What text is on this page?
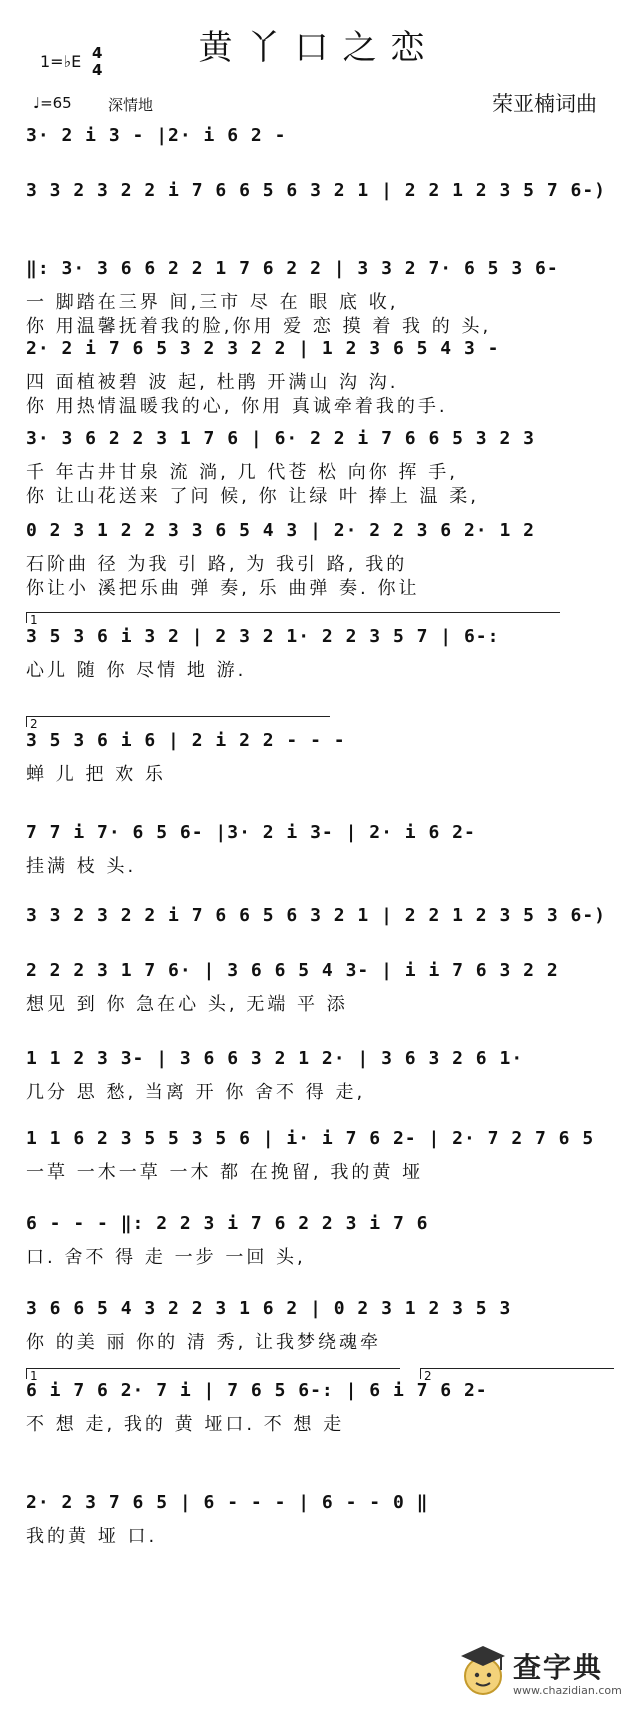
黄丫口之恋
1=♭E 4
4
♩=65 深情地	荣亚楠词曲
3· 2 i 3 - |2· i 6 2 -
3 3 2 3 2 2 i 7 6 6 5 6 3 2 1 | 2 2 1 2 3 5 7 6-)
‖: 3· 3 6 6 2 2 1 7 6 2 2 | 3 3 2 7· 6 5 3 6-
一 脚踏在三界 间,三市 尽 在 眼 底 收,
你 用温馨抚着我的脸,你用 爱 恋 摸 着 我 的 头,
2· 2 i 7 6 5 3 2 3 2 2 | 1 2 3 6 5 4 3 -
四 面植被碧 波 起, 杜鹃 开满山 沟 沟.
你 用热情温暖我的心, 你用 真诚牵着我的手.
3· 3 6 2 2 3 1 7 6 | 6· 2 2 i 7 6 6 5 3 2 3
千 年古井甘泉 流 淌, 几 代苍 松 向你 挥 手,
你 让山花送来 了问 候, 你 让绿 叶 捧上 温 柔,
0 2 3 1 2 2 3 3 6 5 4 3 | 2· 2 2 3 6 2· 1 2
石阶曲 径 为我 引 路, 为 我引 路, 我的
你让小 溪把乐曲 弹 奏, 乐 曲弹 奏. 你让
3 5 3 6 i 3 2 | 2 3 2 1· 2 2 3 5 7 | 6-:
心儿 随 你 尽情 地 游.
3 5 3 6 i 6 | 2 i 2 2 - - -
蝉 儿 把 欢 乐
7 7 i 7· 6 5 6- |3· 2 i 3- | 2· i 6 2-
挂满 枝 头.
3 3 2 3 2 2 i 7 6 6 5 6 3 2 1 | 2 2 1 2 3 5 3 6-)
2 2 2 3 1 7 6· | 3 6 6 5 4 3- | i i 7 6 3 2 2
想见 到 你 急在心 头, 无端 平 添
1 1 2 3 3- | 3 6 6 3 2 1 2· | 3 6 3 2 6 1·
几分 思 愁, 当离 开 你 舍不 得 走,
1 1 6 2 3 5 5 3 5 6 | i· i 7 6 2- | 2· 7 2 7 6 5
一草 一木一草 一木 都 在挽留, 我的黄 垭
6 - - - ‖: 2 2 3 i 7 6 2 2 3 i 7 6
口. 舍不 得 走 一步 一回 头,
3 6 6 5 4 3 2 2 3 1 6 2 | 0 2 3 1 2 3 5 3
你 的美 丽 你的 清 秀, 让我梦绕魂牵
6 i 7 6 2· 7 i | 7 6 5 6-: | 6 i 7 6 2-
不 想 走, 我的 黄 垭口. 不 想 走
2· 2 3 7 6 5 | 6 - - - | 6 - - 0 ‖
我的黄 垭 口.
1
2
1	2
查字典
www.chazidian.com
